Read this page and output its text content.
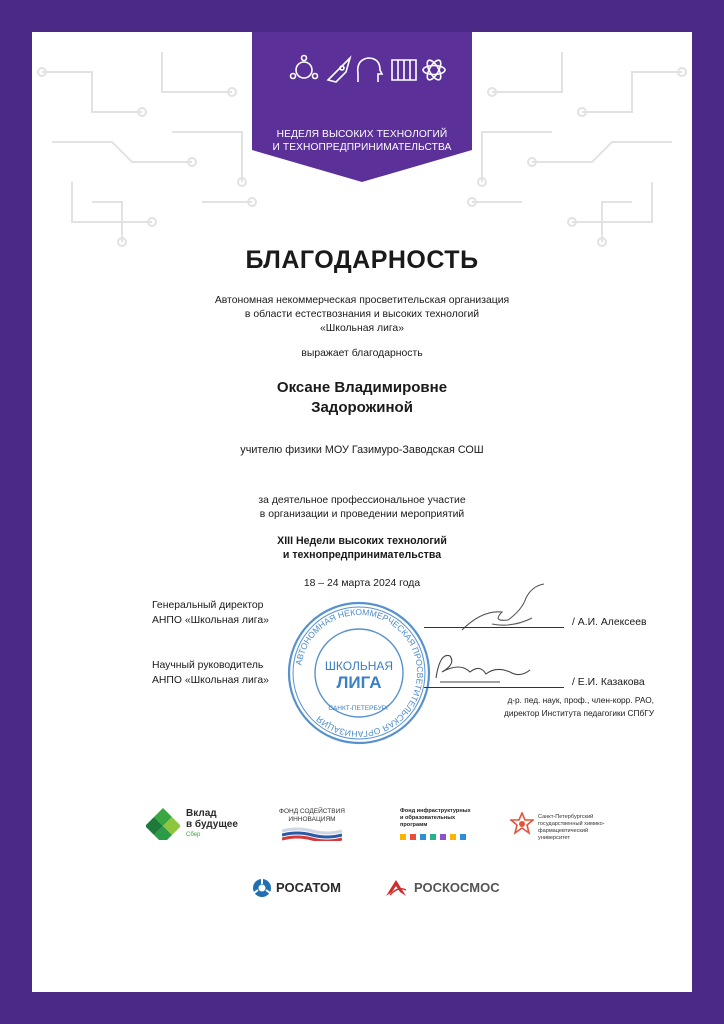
НЕДЕЛЯ ВЫСОКИХ ТЕХНОЛОГИЙ
И ТЕХНОПРЕДПРИНИМАТЕЛЬСТВА
БЛАГОДАРНОСТЬ
Автономная некоммерческая просветительская организация
в области естествознания и высоких технологий
«Школьная лига»
выражает благодарность
Оксане Владимировне
Задорожиной
учителю физики МОУ Газимуро-Заводская СОШ
за деятельное профессиональное участие
в организации и проведении мероприятий
XIII Недели высоких технологий
и технопредпринимательства
18 – 24 марта 2024 года
АВТОНОМНАЯ НЕКОММЕРЧЕСКАЯ ПРОСВЕТИТЕЛЬСКАЯ ОРГАНИЗАЦИЯ
ШКОЛЬНАЯ
ЛИГА
САНКТ-ПЕТЕРБУРГ
Генеральный директор
АНПО «Школьная лига»	/ А.И. Алексеев
Научный руководитель
АНПО «Школьная лига»	/ Е.И. Казакова
д-р. пед. наук, проф., член-корр. РАО,
директор Института педагогики СПбГУ
Вклад
в будущее
Сбер
ФОНД СОДЕЙСТВИЯ
ИННОВАЦИЯМ
Фонд инфраструктурных
и образовательных
программ
Санкт-Петербургский
государственный химико-
фармацевтический университет
РОСАТОМ	РОСКОСМОС
